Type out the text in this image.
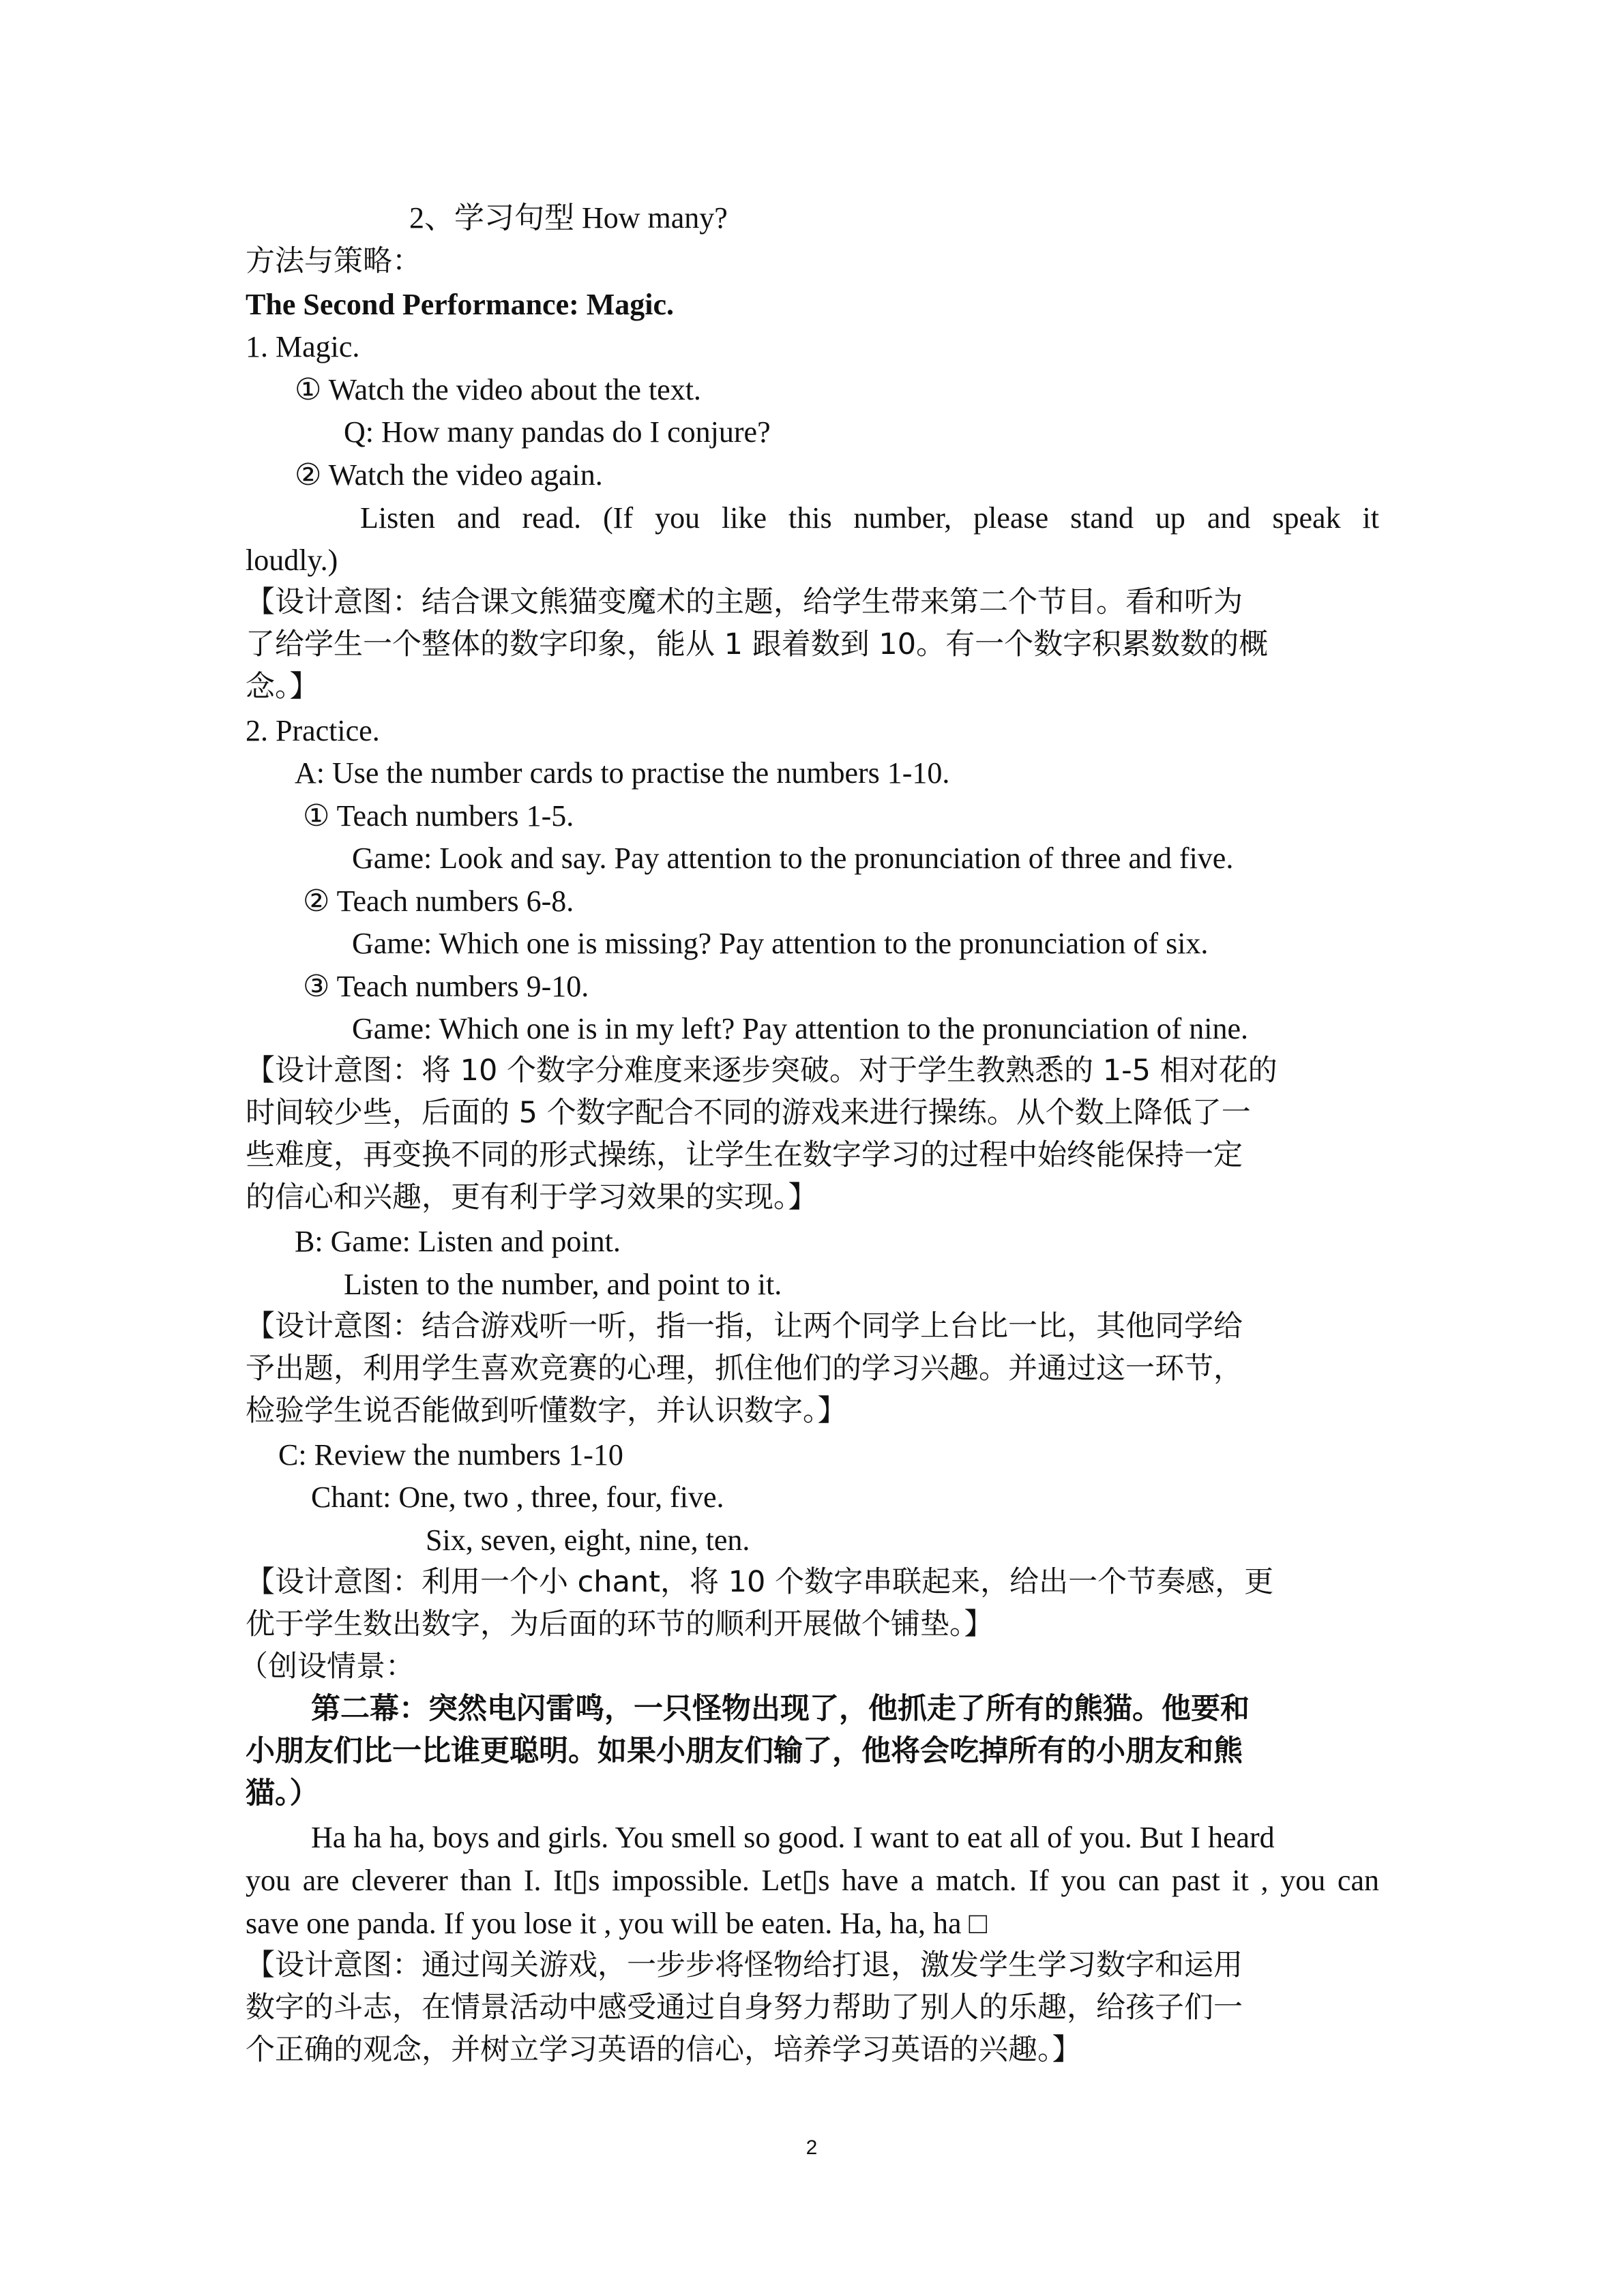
2、学习句型 How many?
方法与策略：
The Second Performance: Magic.
1. Magic.
① Watch the video about the text.
Q: How many pandas do I conjure?
② Watch the video again.
Listen and read. (If you like this number, please stand up and speak it
loudly.)
【设计意图：结合课文熊猫变魔术的主题，给学生带来第二个节目。看和听为
了给学生一个整体的数字印象，能从 1 跟着数到 10。有一个数字积累数数的概
念。】
2. Practice.
A: Use the number cards to practise the numbers 1-10.
① Teach numbers 1-5.
Game: Look and say. Pay attention to the pronunciation of three and five.
② Teach numbers 6-8.
Game: Which one is missing? Pay attention to the pronunciation of six.
③ Teach numbers 9-10.
Game: Which one is in my left? Pay attention to the pronunciation of nine.
【设计意图：将 10 个数字分难度来逐步突破。对于学生教熟悉的 1-5 相对花的
时间较少些，后面的 5 个数字配合不同的游戏来进行操练。从个数上降低了一
些难度，再变换不同的形式操练，让学生在数字学习的过程中始终能保持一定
的信心和兴趣，更有利于学习效果的实现。】
B: Game: Listen and point.
Listen to the number, and point to it.
【设计意图：结合游戏听一听，指一指，让两个同学上台比一比，其他同学给
予出题，利用学生喜欢竞赛的心理，抓住他们的学习兴趣。并通过这一环节，
检验学生说否能做到听懂数字，并认识数字。】
C: Review the numbers 1-10
Chant: One, two , three, four, five.
Six, seven, eight, nine, ten.
【设计意图：利用一个小 chant，将 10 个数字串联起来，给出一个节奏感，更
优于学生数出数字，为后面的环节的顺利开展做个铺垫。】
（创设情景：
第二幕：突然电闪雷鸣，一只怪物出现了，他抓走了所有的熊猫。他要和
小朋友们比一比谁更聪明。如果小朋友们输了，他将会吃掉所有的小朋友和熊
猫。）
Ha ha ha, boys and girls. You smell so good. I want to eat all of you. But I heard
you are cleverer than I. It▯s impossible. Let▯s have a match. If you can past it , you can
save one panda. If you lose it , you will be eaten. Ha, ha, ha □
【设计意图：通过闯关游戏，一步步将怪物给打退，激发学生学习数字和运用
数字的斗志，在情景活动中感受通过自身努力帮助了别人的乐趣，给孩子们一
个正确的观念，并树立学习英语的信心，培养学习英语的兴趣。】
2
